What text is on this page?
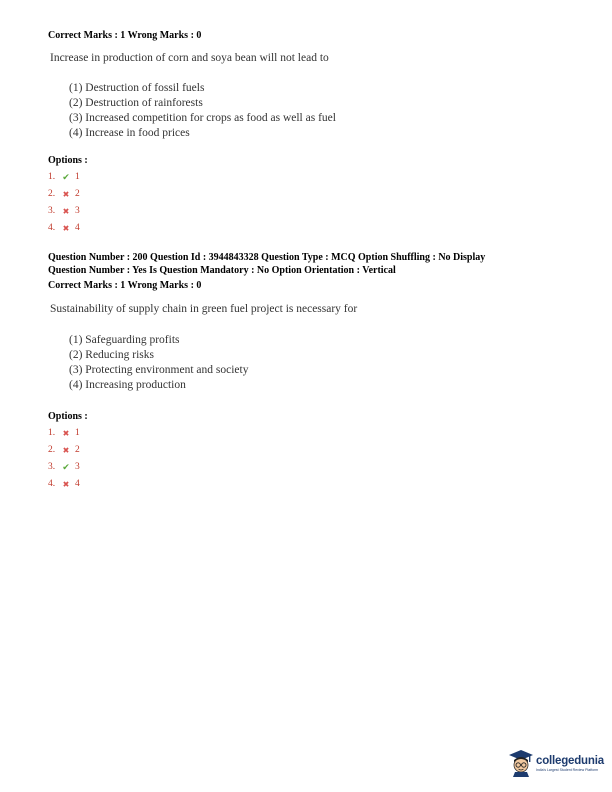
Correct Marks : 1 Wrong Marks : 0
Increase in production of corn and soya bean will not lead to
(1) Destruction of fossil fuels
(2) Destruction of rainforests
(3) Increased competition for crops as food as well as fuel
(4) Increase in food prices
Options :
1. ✔ 1
2. ✖ 2
3. ✖ 3
4. ✖ 4
Question Number : 200 Question Id : 3944843328 Question Type : MCQ Option Shuffling : No Display
Question Number : Yes Is Question Mandatory : No Option Orientation : Vertical
Correct Marks : 1 Wrong Marks : 0
Sustainability of supply chain in green fuel project is necessary for
(1) Safeguarding profits
(2) Reducing risks
(3) Protecting environment and society
(4) Increasing production
Options :
1. ✖ 1
2. ✖ 2
3. ✔ 3
4. ✖ 4
collegedunia
India's Largest Student Review Platform
